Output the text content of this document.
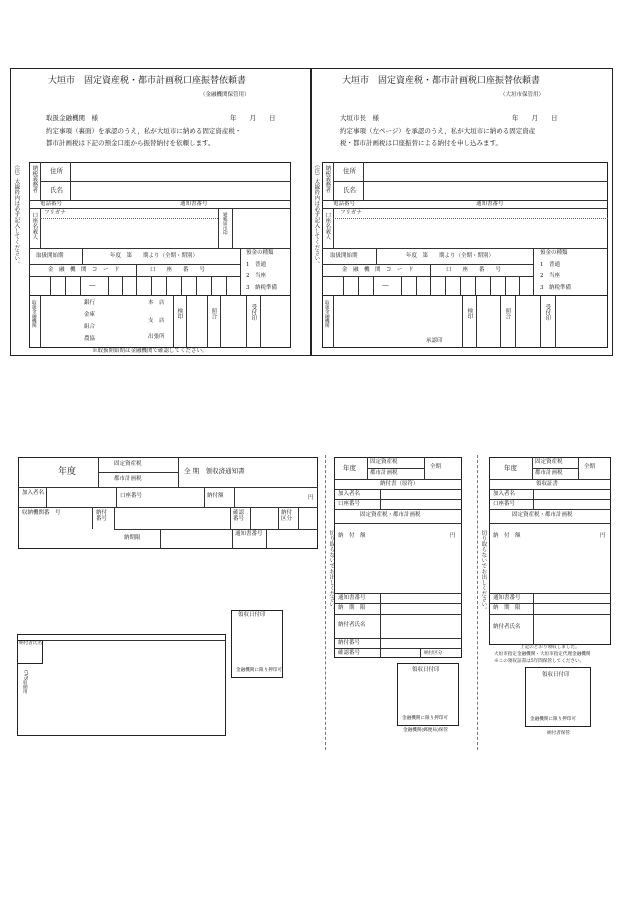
大垣市　固定資産税・都市計画税口座振替依頼書
（金融機関保管用）
取扱金融機関　様	年　　月　　日
約定事項（裏面）を承認のうえ，私が大垣市に納める固定資産税・
都市計画税は下記の預金口座から振替納付を依頼します。
（注）太線枠内は必ず記入してください。 納税義務者 住所
氏名
電話番号	通知書番号
口座名義人 フリガナ	通帳届出印
取扱開始期	年度　第　　期より（全期・期別）	預金の種類
1　普通
2　当座
3　納税準備
金　融　機　関　コ　ー　ド	口　　座　　番　　号
―
取扱金融機関	銀行
金庫
組合
農協
本　店
支　店
出張所
検印	照合	受付印
※取扱開始期は金融機関で確認してください。
大垣市　固定資産税・都市計画税口座振替依頼書
（大垣市保管用）
大垣市長　様	年　　月　　日
約定事項（左ページ）を承認のうえ，私が大垣市に納める固定資産
税・都市計画税は口座振替による納付を申し込みます。
（注）太線枠内は必ず記入してください。 納税義務者 住所
氏名
電話番号	通知書番号
口座名義人 フリガナ
取扱開始期	年度　第　　期より（全期・期別）	預金の種類
1　普通
2　当座
3　納税準備
金　融　機　関　コ　ー　ド	口　　座　　番　　号
―
取扱金融機関
承認印
検印	照合	受付印
年度
固定資産税
都市計画税
全 期　領収済通知書
加入者名	口座番号	納付額	円
収納機関番　号	納付番号
確認番号
納付区分
納期限
通知書番号
納付者氏名
CVS収納用
領収日付印
金融機関に限り押印可
切り取らないでお出しください。
年度
固定資産税
都市計画税
全期
納付書（原符）
加入者名
口座番号
固定資産税・都市計画税
納　付　額	円
通知書番号
納　期　限
納付者氏名
納付番号
確認番号	納付区分
領収日付印
金融機関に限り押印可
金融機関(郵便局)保管
切り取らないでお出しください。
年度
固定資産税
都市計画税
全期
領収証書
加入者名
口座番号
固定資産税・都市計画税
納　付　額	円
通知書番号
納　期　限
納付者氏名
上記のとおり領収しました。
大垣市指定金融機関・大垣市指定代理金融機関
※この領収証書は5年間保管してください。
領収日付印
金融機関に限り押印可
納付者保管
